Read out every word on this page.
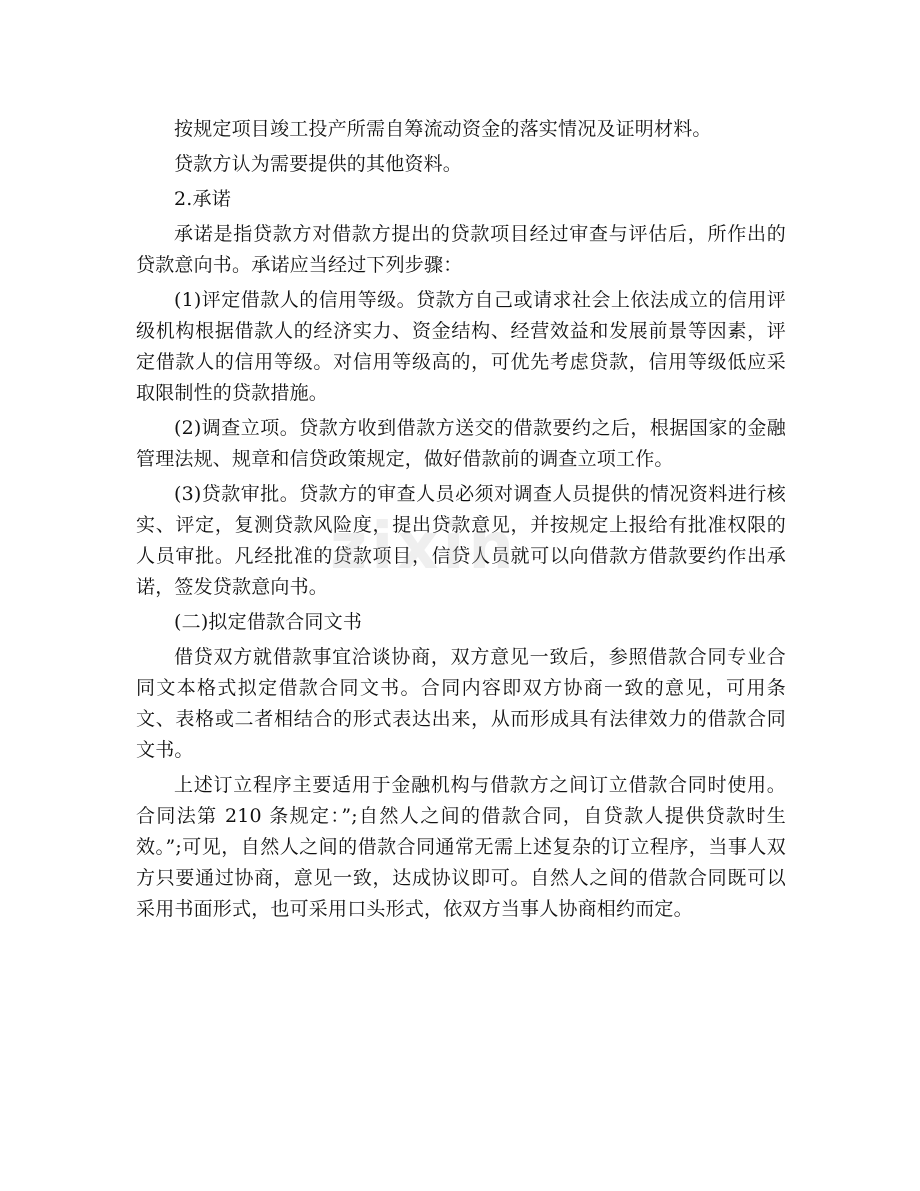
按规定项目竣工投产所需自筹流动资金的落实情况及证明材料。

贷款方认为需要提供的其他资料。

2.承诺

承诺是指贷款方对借款方提出的贷款项目经过审查与评估后，所作出的贷款意向书。承诺应当经过下列步骤：

(1)评定借款人的信用等级。贷款方自己或请求社会上依法成立的信用评级机构根据借款人的经济实力、资金结构、经营效益和发展前景等因素，评定借款人的信用等级。对信用等级高的，可优先考虑贷款，信用等级低应采取限制性的贷款措施。

(2)调查立项。贷款方收到借款方送交的借款要约之后，根据国家的金融管理法规、规章和信贷政策规定，做好借款前的调查立项工作。

(3)贷款审批。贷款方的审查人员必须对调查人员提供的情况资料进行核实、评定，复测贷款风险度，提出贷款意见，并按规定上报给有批准权限的人员审批。凡经批准的贷款项目，信贷人员就可以向借款方借款要约作出承诺，签发贷款意向书。

(二)拟定借款合同文书

借贷双方就借款事宜洽谈协商，双方意见一致后，参照借款合同专业合同文本格式拟定借款合同文书。合同内容即双方协商一致的意见，可用条文、表格或二者相结合的形式表达出来，从而形成具有法律效力的借款合同文书。

上述订立程序主要适用于金融机构与借款方之间订立借款合同时使用。合同法第 210 条规定：”;自然人之间的借款合同，自贷款人提供贷款时生效。”;可见，自然人之间的借款合同通常无需上述复杂的订立程序，当事人双方只要通过协商，意见一致，达成协议即可。自然人之间的借款合同既可以采用书面形式，也可采用口头形式，依双方当事人协商相约而定。

zixin
